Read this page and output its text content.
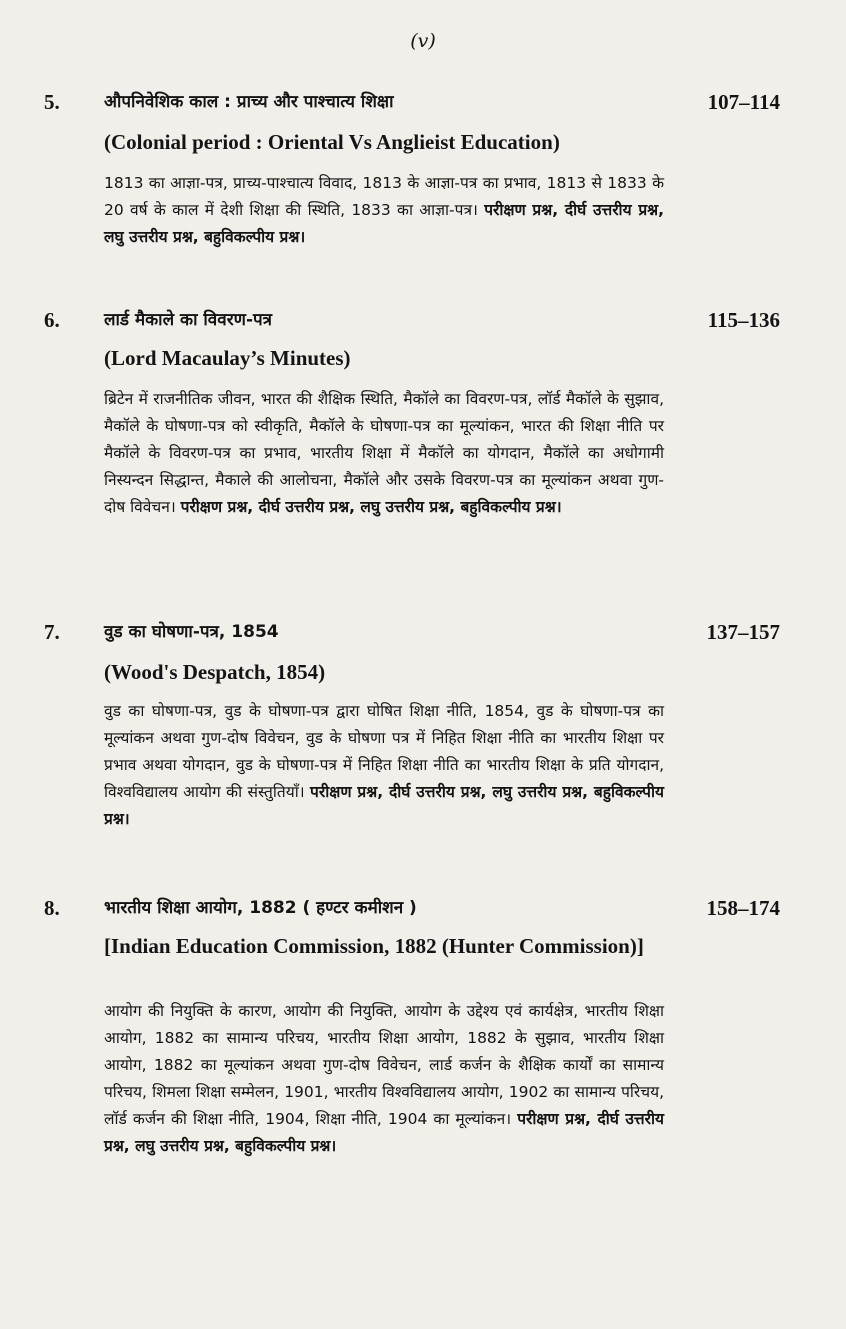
(v)
5.	औपनिवेशिक काल : प्राच्य और पाश्चात्य शिक्षा	107–114
(Colonial period : Oriental Vs Anglieist Education)
1813 का आज्ञा-पत्र, प्राच्य-पाश्चात्य विवाद, 1813 के आज्ञा-पत्र का प्रभाव, 1813 से 1833 के 20 वर्ष के काल में देशी शिक्षा की स्थिति, 1833 का आज्ञा-पत्र। परीक्षण प्रश्न, दीर्घ उत्तरीय प्रश्न, लघु उत्तरीय प्रश्न, बहुविकल्पीय प्रश्न।
6.	लार्ड मैकाले का विवरण-पत्र	115–136
(Lord Macaulay’s Minutes)
ब्रिटेन में राजनीतिक जीवन, भारत की शैक्षिक स्थिति, मैकॉले का विवरण-पत्र, लॉर्ड मैकॉले के सुझाव, मैकॉले के घोषणा-पत्र को स्वीकृति, मैकॉले के घोषणा-पत्र का मूल्यांकन, भारत की शिक्षा नीति पर मैकॉले के विवरण-पत्र का प्रभाव, भारतीय शिक्षा में मैकॉले का योगदान, मैकॉले का अधोगामी निस्यन्दन सिद्धान्त, मैकाले की आलोचना, मैकॉले और उसके विवरण-पत्र का मूल्यांकन अथवा गुण-दोष विवेचन। परीक्षण प्रश्न, दीर्घ उत्तरीय प्रश्न, लघु उत्तरीय प्रश्न, बहुविकल्पीय प्रश्न।
7.	वुड का घोषणा-पत्र, 1854	137–157
(Wood's Despatch, 1854)
वुड का घोषणा-पत्र, वुड के घोषणा-पत्र द्वारा घोषित शिक्षा नीति, 1854, वुड के घोषणा-पत्र का मूल्यांकन अथवा गुण-दोष विवेचन, वुड के घोषणा पत्र में निहित शिक्षा नीति का भारतीय शिक्षा पर प्रभाव अथवा योगदान, वुड के घोषणा-पत्र में निहित शिक्षा नीति का भारतीय शिक्षा के प्रति योगदान, विश्वविद्यालय आयोग की संस्तुतियाँ। परीक्षण प्रश्न, दीर्घ उत्तरीय प्रश्न, लघु उत्तरीय प्रश्न, बहुविकल्पीय प्रश्न।
8.	भारतीय शिक्षा आयोग, 1882 ( हण्टर कमीशन )	158–174
[Indian Education Commission, 1882 (Hunter Commission)]
आयोग की नियुक्ति के कारण, आयोग की नियुक्ति, आयोग के उद्देश्य एवं कार्यक्षेत्र, भारतीय शिक्षा आयोग, 1882 का सामान्य परिचय, भारतीय शिक्षा आयोग, 1882 के सुझाव, भारतीय शिक्षा आयोग, 1882 का मूल्यांकन अथवा गुण-दोष विवेचन, लार्ड कर्जन के शैक्षिक कार्यों का सामान्य परिचय, शिमला शिक्षा सम्मेलन, 1901, भारतीय विश्वविद्यालय आयोग, 1902 का सामान्य परिचय, लॉर्ड कर्जन की शिक्षा नीति, 1904, शिक्षा नीति, 1904 का मूल्यांकन। परीक्षण प्रश्न, दीर्घ उत्तरीय प्रश्न, लघु उत्तरीय प्रश्न, बहुविकल्पीय प्रश्न।
